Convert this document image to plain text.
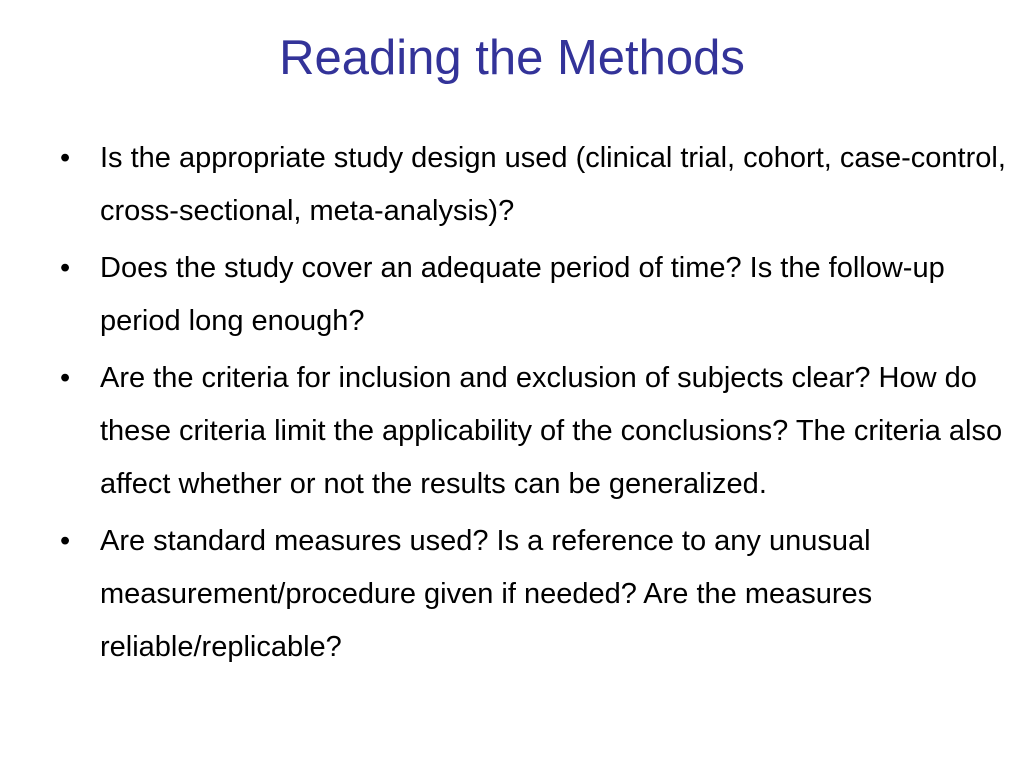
Reading the Methods
•	Is the appropriate study design used (clinical trial, cohort, case-control, cross-sectional, meta-analysis)?
•	Does the study cover an adequate period of time? Is the follow-up period long enough?
•	Are the criteria for inclusion and exclusion of subjects clear? How do these criteria limit the applicability of the conclusions? The criteria also affect whether or not the results can be generalized.
•	Are standard measures used? Is a reference to any unusual measurement/procedure given if needed? Are the measures reliable/replicable?
